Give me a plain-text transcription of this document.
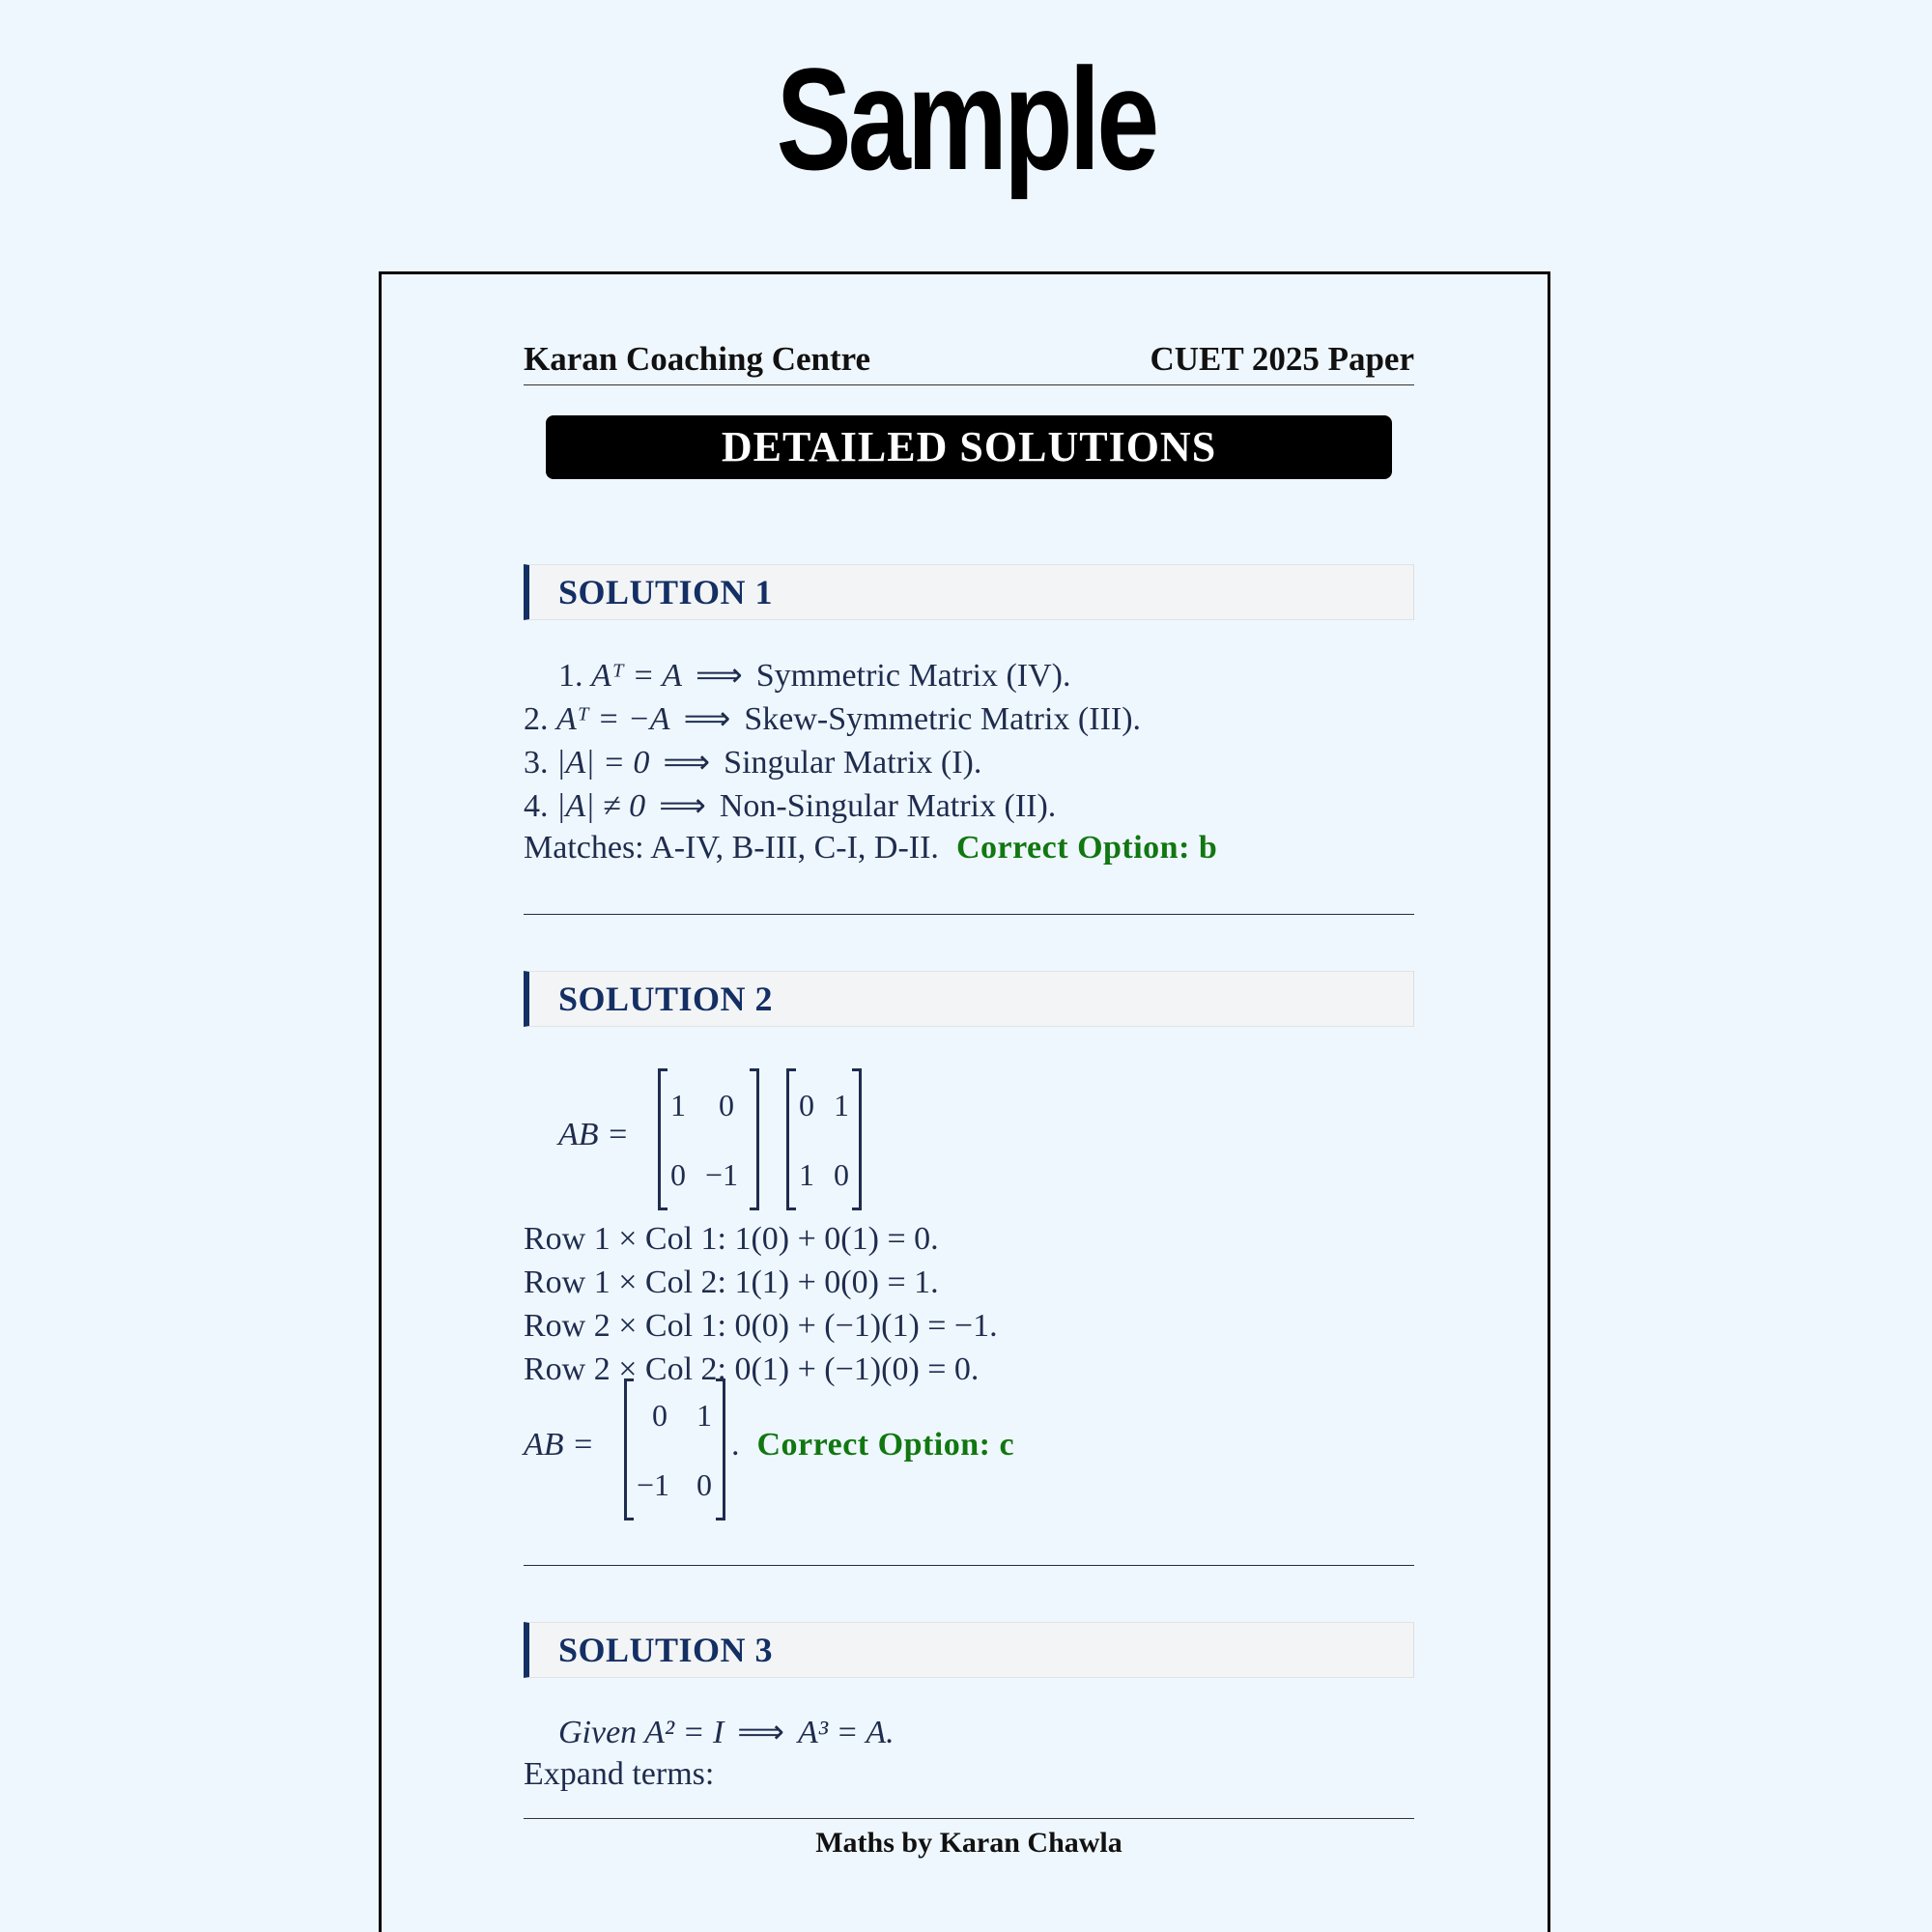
Sample
Karan Coaching Centre	CUET 2025 Paper
DETAILED SOLUTIONS
SOLUTION 1
1. Aᵀ = A ⟹ Symmetric Matrix (IV).
2. Aᵀ = −A ⟹ Skew-Symmetric Matrix (III).
3. |A| = 0 ⟹ Singular Matrix (I).
4. |A| ≠ 0 ⟹ Non-Singular Matrix (II).
Matches: A-IV, B-III, C-I, D-II. Correct Option: b
SOLUTION 2
AB =
1 0
0 −1
0 1
1 0
Row 1 × Col 1: 1(0) + 0(1) = 0.
Row 1 × Col 2: 1(1) + 0(0) = 1.
Row 2 × Col 1: 0(0) + (−1)(1) = −1.
Row 2 × Col 2: 0(1) + (−1)(0) = 0.
AB =
0 1
−1 0
. Correct Option: c
SOLUTION 3
Given A² = I ⟹ A³ = A.
Expand terms:
Maths by Karan Chawla
